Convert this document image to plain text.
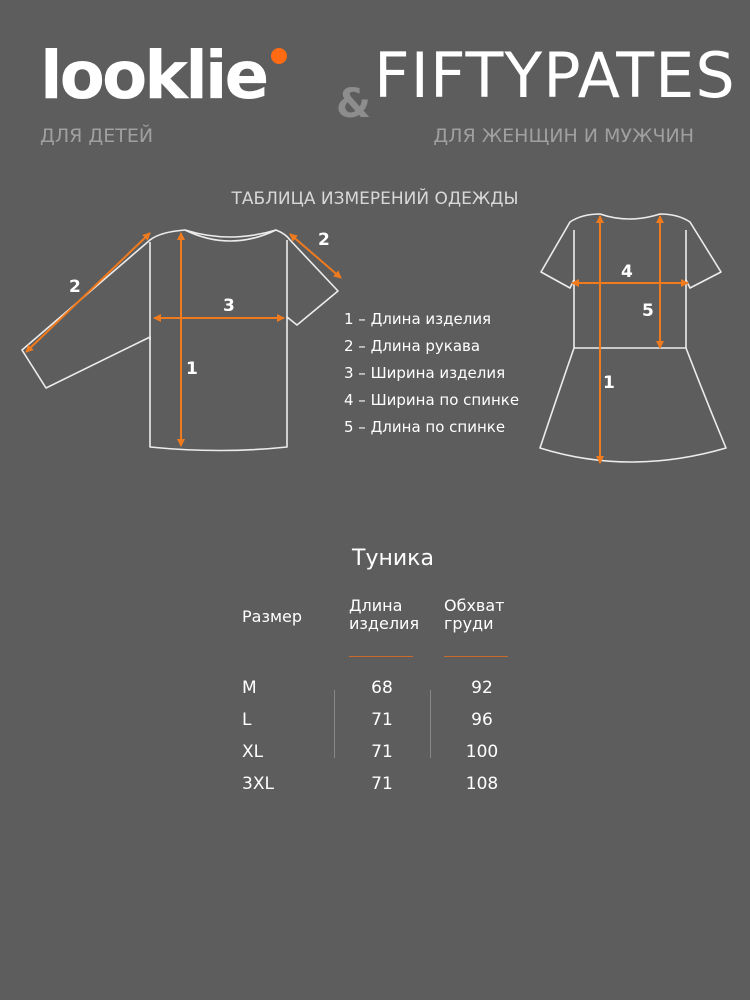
looklie & FIFTYPATES
ДЛЯ ДЕТЕЙ	ДЛЯ ЖЕНЩИН И МУЖЧИН
ТАБЛИЦА ИЗМЕРЕНИЙ ОДЕЖДЫ
1
3
2
2
4
5
1
1 – Длина изделия
2 – Длина рукава
3 – Ширина изделия
4 – Ширина по спинке
5 – Длина по спинке
Туника
Размер
Длина
изделия
Обхват
груди
M	68	92
L	71	96
XL	71	100
3XL	71	108
